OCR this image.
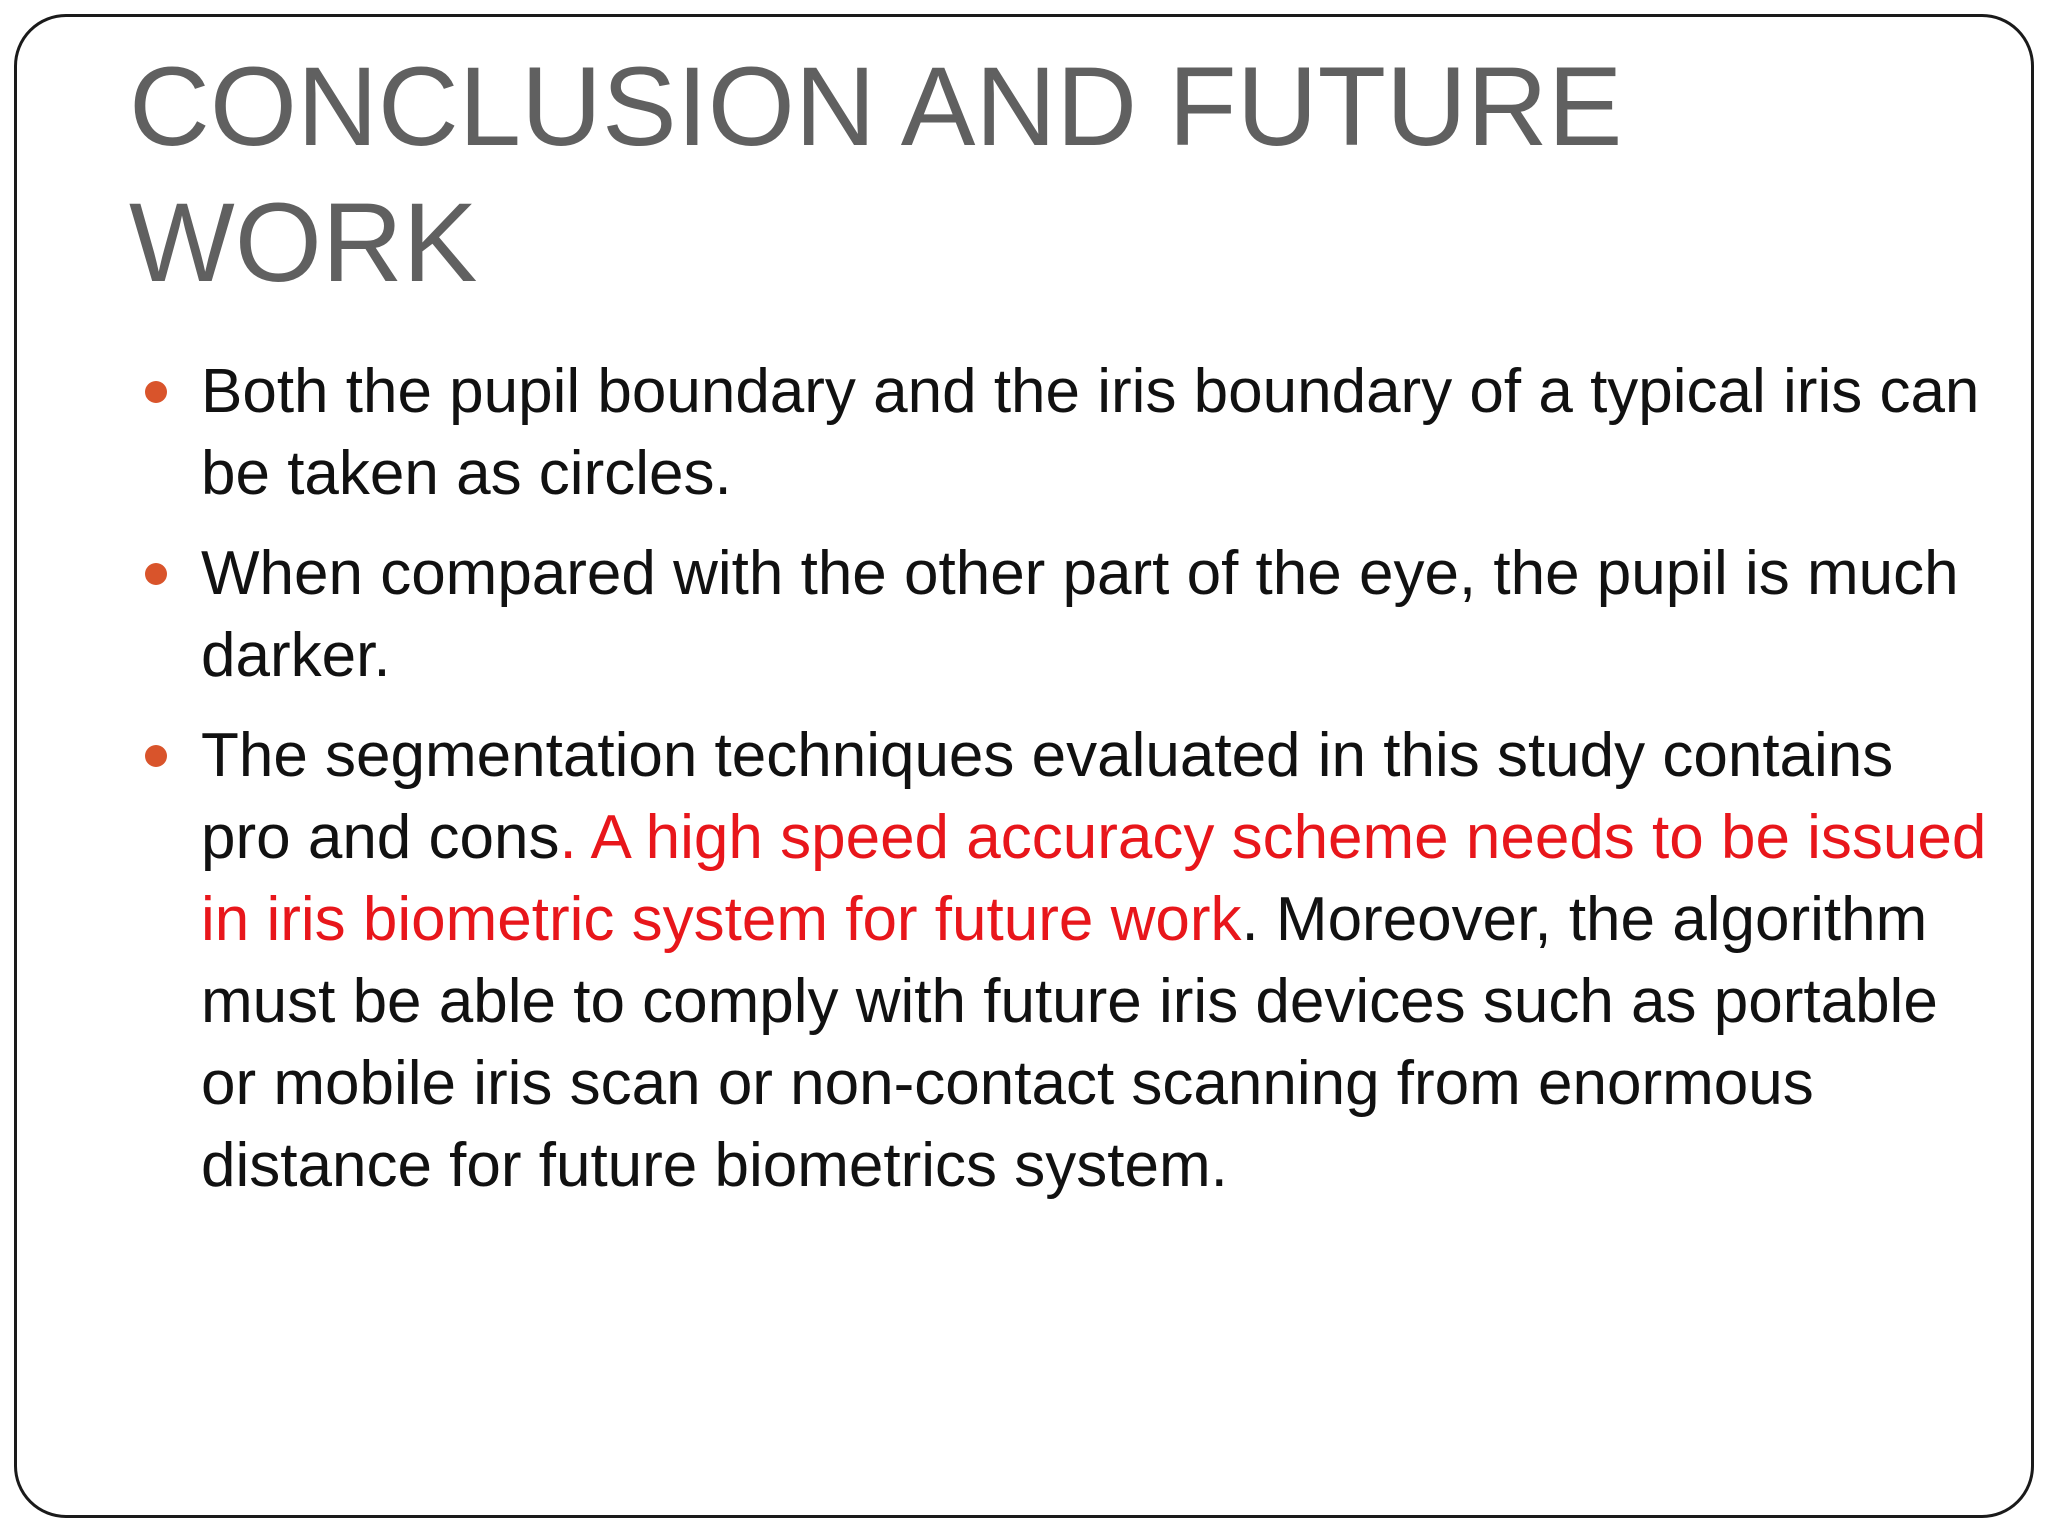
CONCLUSION AND FUTURE WORK
Both the pupil boundary and the iris boundary of a typical iris can be taken as circles.
When compared with the other part of the eye, the pupil is much darker.
The segmentation techniques evaluated in this study contains pro and cons. A high speed accuracy scheme needs to be issued in iris biometric system for future work. Moreover, the algorithm must be able to comply with future iris devices such as portable or mobile iris scan or non-contact scanning from enormous distance for future biometrics system.
